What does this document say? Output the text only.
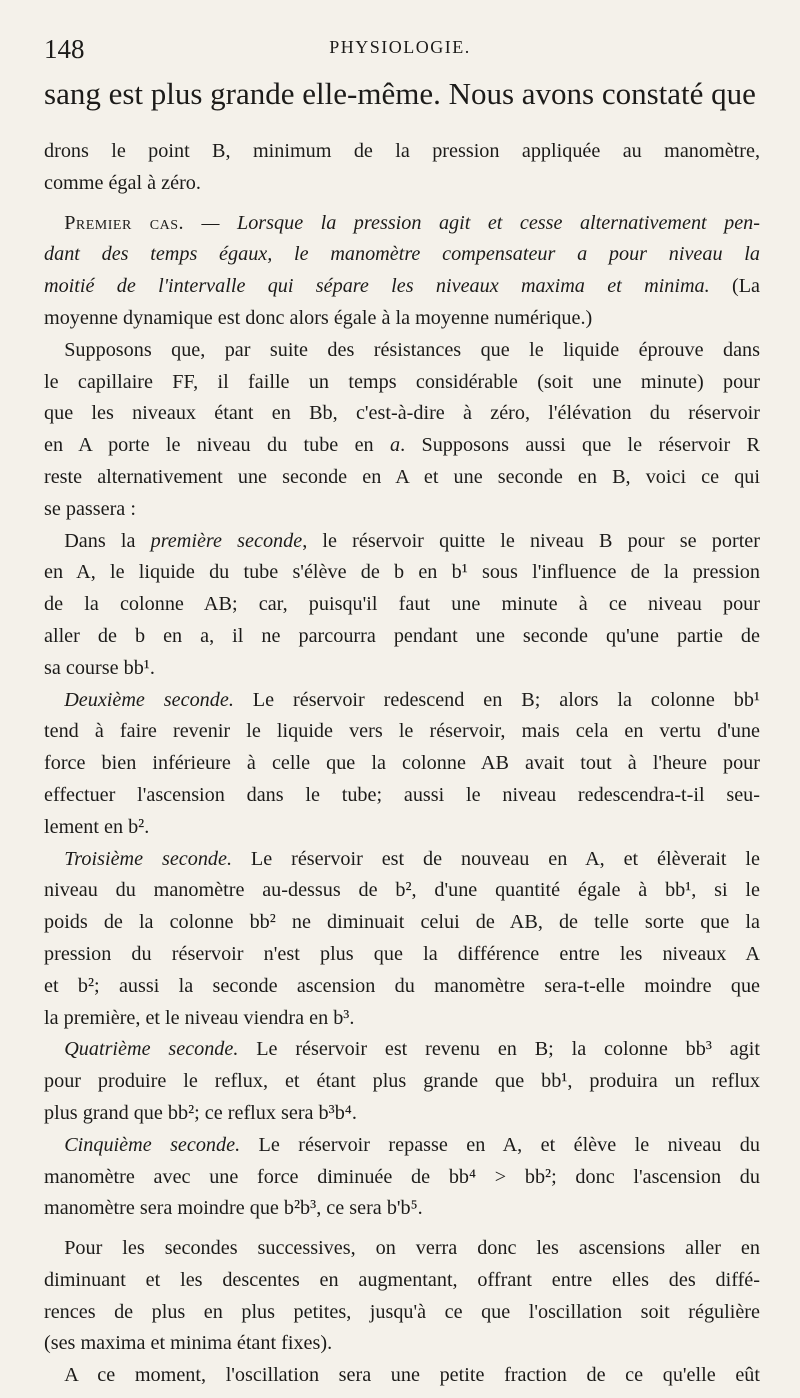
148	PHYSIOLOGIE.
sang est plus grande elle-même. Nous avons constaté que
drons le point B, minimum de la pression appliquée au manomètre,
comme égal à zéro.
 Premier cas. — Lorsque la pression agit et cesse alternativement pen-
dant des temps égaux, le manomètre compensateur a pour niveau la
moitié de l'intervalle qui sépare les niveaux maxima et minima. (La
moyenne dynamique est donc alors égale à la moyenne numérique.)
 Supposons que, par suite des résistances que le liquide éprouve dans
le capillaire FF, il faille un temps considérable (soit une minute) pour
que les niveaux étant en Bb, c'est-à-dire à zéro, l'élévation du réservoir
en A porte le niveau du tube en a. Supposons aussi que le réservoir R
reste alternativement une seconde en A et une seconde en B, voici ce qui
se passera :
 Dans la première seconde, le réservoir quitte le niveau B pour se porter
en A, le liquide du tube s'élève de b en b¹ sous l'influence de la pression
de la colonne AB; car, puisqu'il faut une minute à ce niveau pour
aller de b en a, il ne parcourra pendant une seconde qu'une partie de
sa course bb¹.
 Deuxième seconde. Le réservoir redescend en B; alors la colonne bb¹
tend à faire revenir le liquide vers le réservoir, mais cela en vertu d'une
force bien inférieure à celle que la colonne AB avait tout à l'heure pour
effectuer l'ascension dans le tube; aussi le niveau redescendra-t-il seu-
lement en b².
 Troisième seconde. Le réservoir est de nouveau en A, et élèverait le
niveau du manomètre au-dessus de b², d'une quantité égale à bb¹, si le
poids de la colonne bb² ne diminuait celui de AB, de telle sorte que la
pression du réservoir n'est plus que la différence entre les niveaux A
et b²; aussi la seconde ascension du manomètre sera-t-elle moindre que
la première, et le niveau viendra en b³.
 Quatrième seconde. Le réservoir est revenu en B; la colonne bb³ agit
pour produire le reflux, et étant plus grande que bb¹, produira un reflux
plus grand que bb²; ce reflux sera b³b⁴.
 Cinquième seconde. Le réservoir repasse en A, et élève le niveau du
manomètre avec une force diminuée de bb⁴ > bb²; donc l'ascension du
manomètre sera moindre que b²b³, ce sera b'b⁵.
 Pour les secondes successives, on verra donc les ascensions aller en
diminuant et les descentes en augmentant, offrant entre elles des diffé-
rences de plus en plus petites, jusqu'à ce que l'oscillation soit régulière
(ses maxima et minima étant fixes).
 A ce moment, l'oscillation sera une petite fraction de ce qu'elle eût
